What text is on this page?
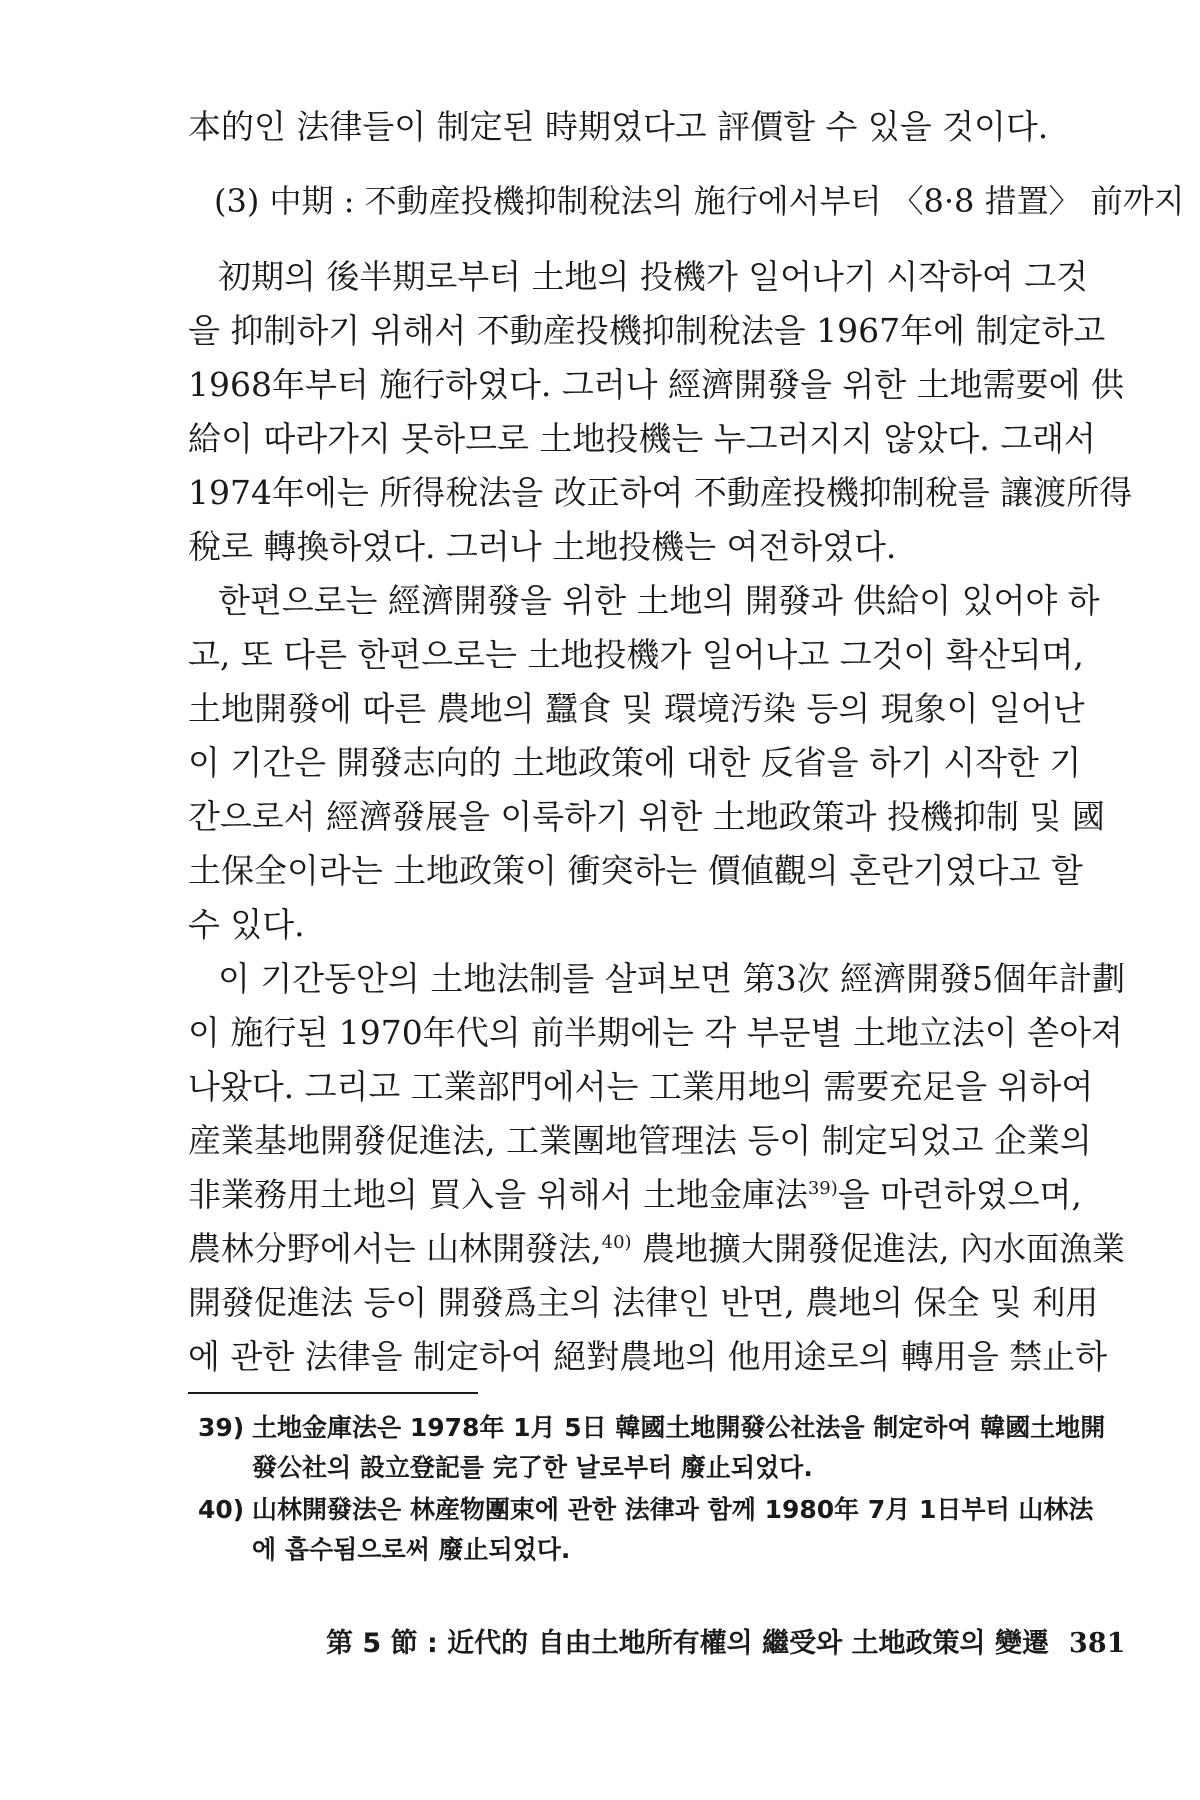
本的인 法律들이 制定된 時期였다고 評價할 수 있을 것이다.
(3) 中期 : 不動産投機抑制稅法의 施行에서부터 〈8·8 措置〉 前까지
初期의 後半期로부터 土地의 投機가 일어나기 시작하여 그것
을 抑制하기 위해서 不動産投機抑制稅法을 1967年에 制定하고
1968年부터 施行하였다. 그러나 經濟開發을 위한 土地需要에 供
給이 따라가지 못하므로 土地投機는 누그러지지 않았다. 그래서
1974年에는 所得稅法을 改正하여 不動産投機抑制稅를 讓渡所得
稅로 轉換하였다. 그러나 土地投機는 여전하였다.
한편으로는 經濟開發을 위한 土地의 開發과 供給이 있어야 하
고, 또 다른 한편으로는 土地投機가 일어나고 그것이 확산되며,
土地開發에 따른 農地의 蠶食 및 環境汚染 등의 現象이 일어난
이 기간은 開發志向的 土地政策에 대한 反省을 하기 시작한 기
간으로서 經濟發展을 이룩하기 위한 土地政策과 投機抑制 및 國
土保全이라는 土地政策이 衝突하는 價値觀의 혼란기였다고 할
수 있다.
이 기간동안의 土地法制를 살펴보면 第3次 經濟開發5個年計劃
이 施行된 1970年代의 前半期에는 각 부문별 土地立法이 쏟아져
나왔다. 그리고 工業部門에서는 工業用地의 需要充足을 위하여
産業基地開發促進法, 工業團地管理法 등이 制定되었고 企業의
非業務用土地의 買入을 위해서 土地金庫法$^{39)}$을 마련하였으며,
農林分野에서는 山林開發法,$^{40)}$ 農地擴大開發促進法, 內水面漁業
開發促進法 등이 開發爲主의 法律인 반면, 農地의 保全 및 利用
에 관한 法律을 制定하여 絕對農地의 他用途로의 轉用을 禁止하
39) 土地金庫法은 1978年 1月 5日 韓國土地開發公社法을 制定하여 韓國土地開
發公社의 設立登記를 完了한 날로부터 廢止되었다.
40) 山林開發法은 林産物團束에 관한 法律과 함께 1980年 7月 1日부터 山林法
에 흡수됨으로써 廢止되었다.
第 5 節 : 近代的 自由土地所有權의 繼受와 土地政策의 變遷 381
